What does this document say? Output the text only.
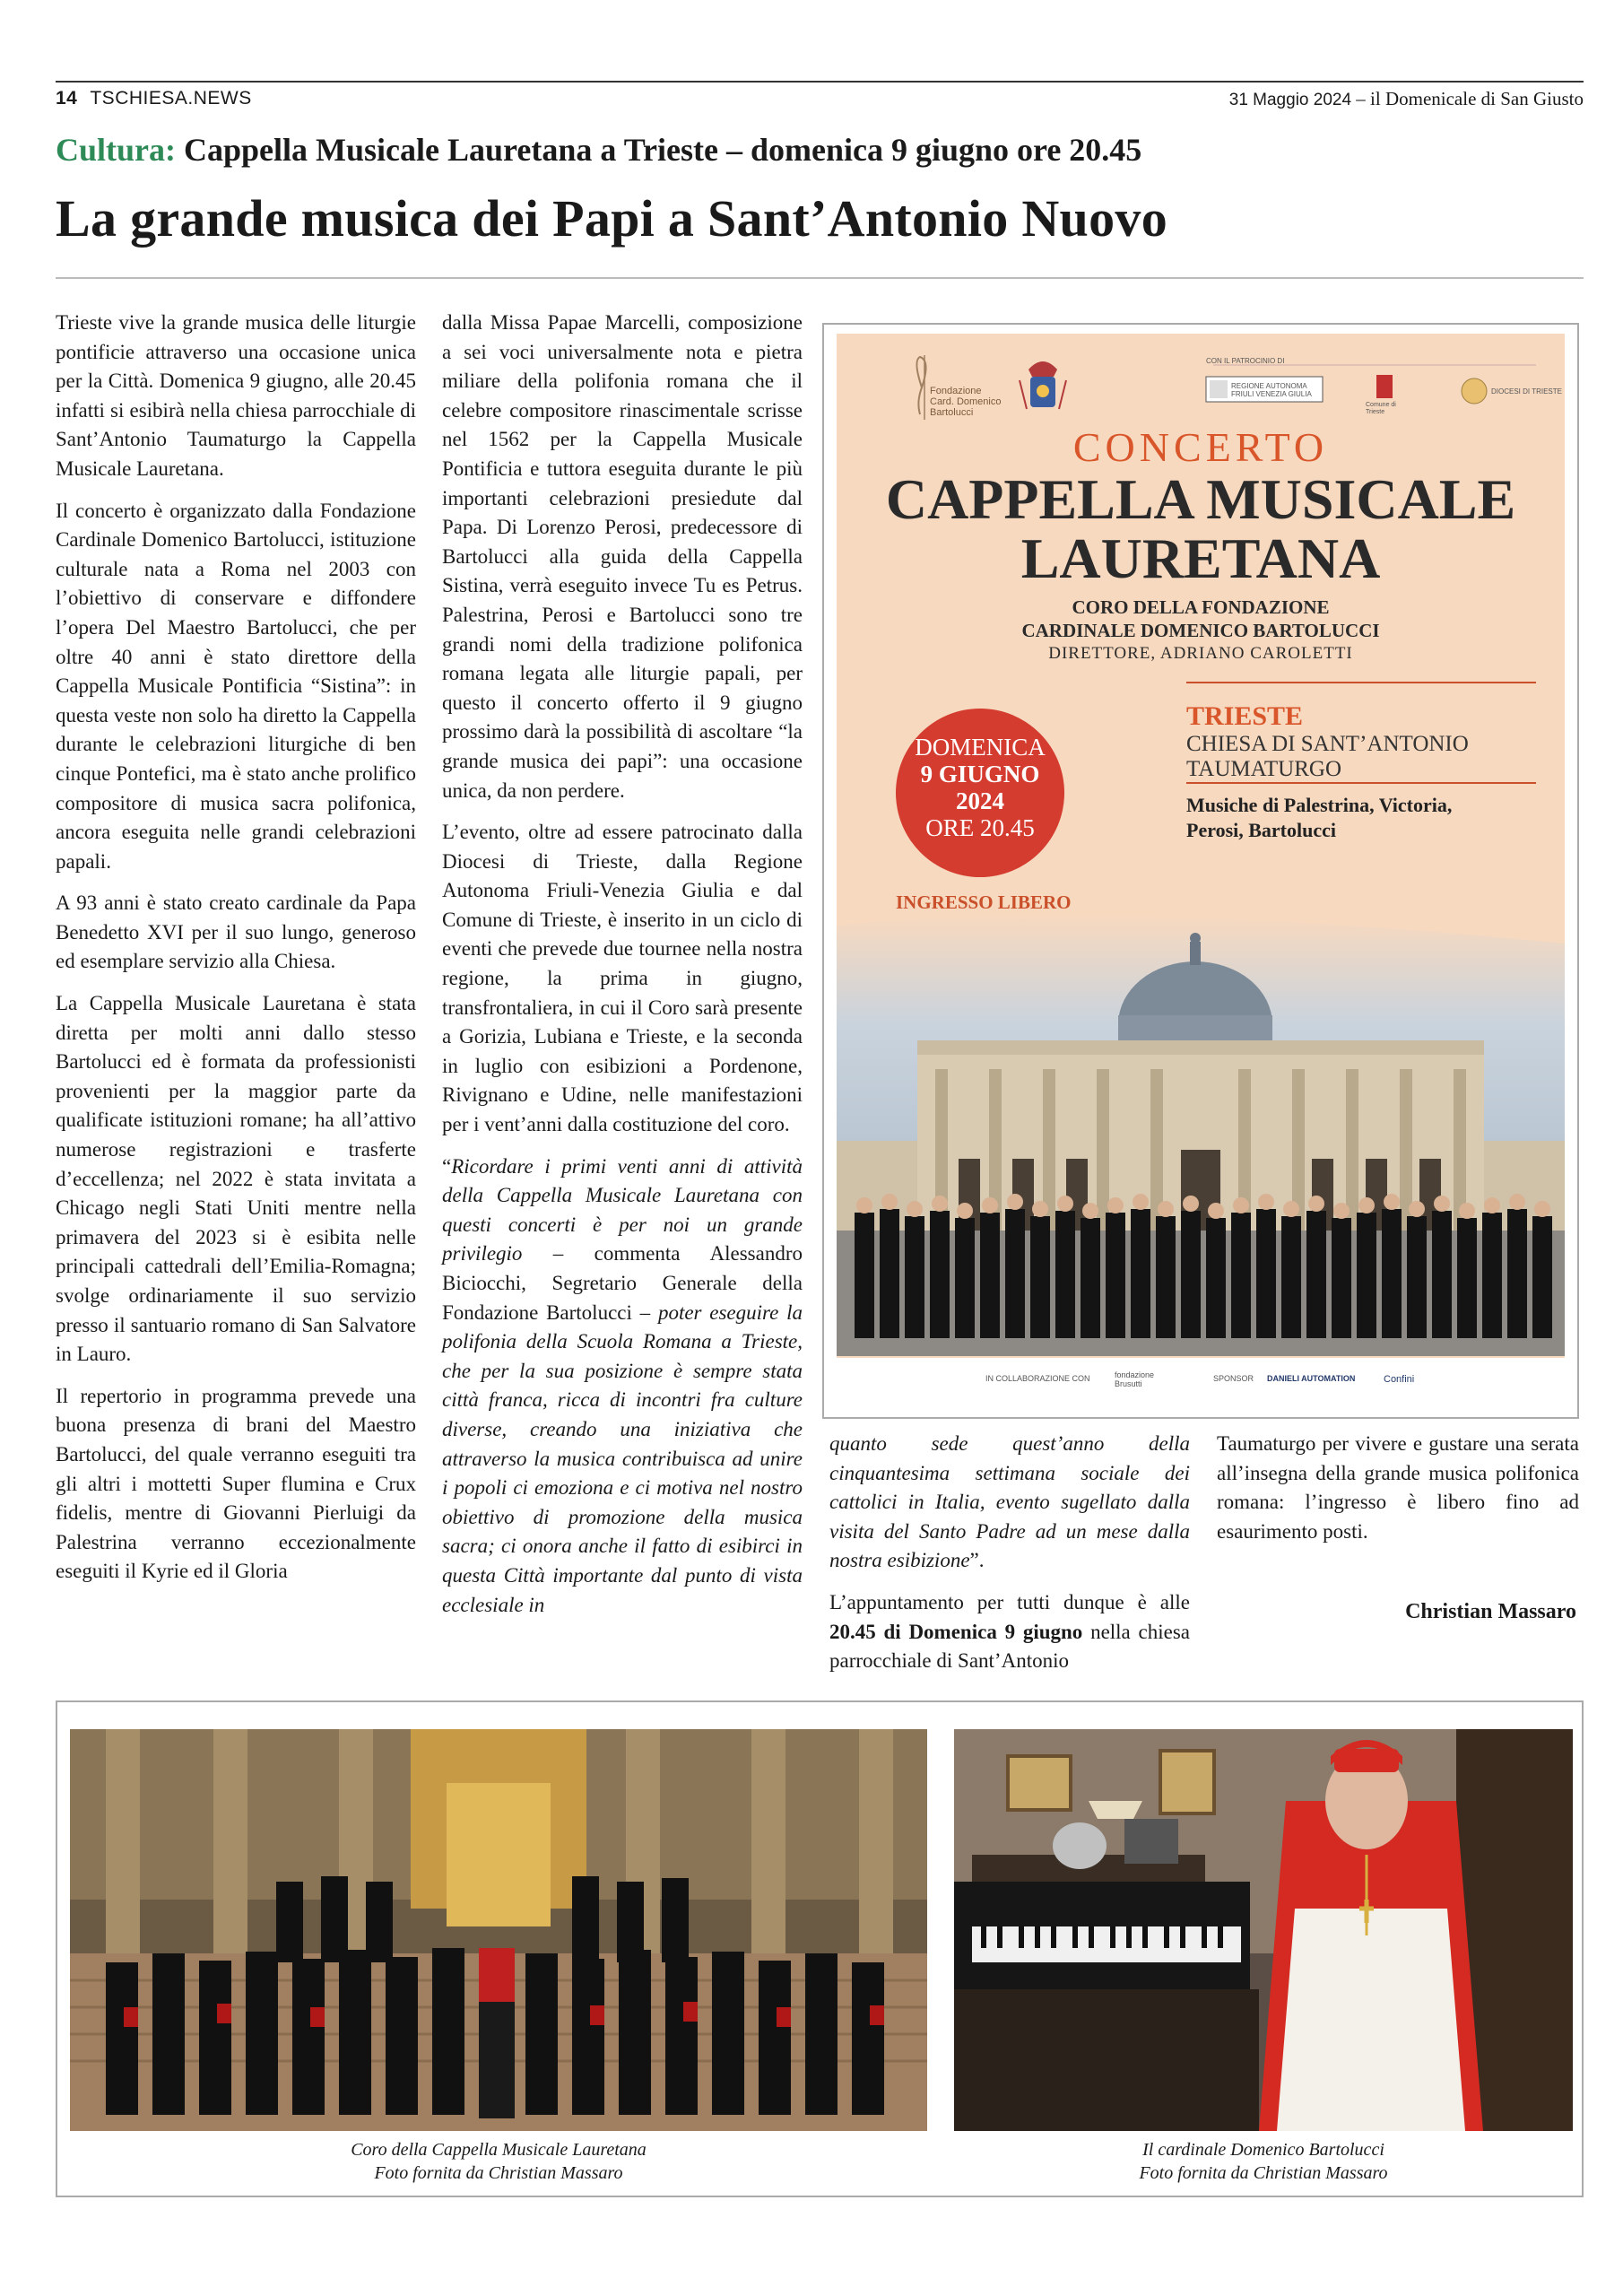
14 TSCHIESA.NEWS	31 Maggio 2024 – il Domenicale di San Giusto
Cultura: Cappella Musicale Lauretana a Trieste – domenica 9 giugno ore 20.45
La grande musica dei Papi a Sant’Antonio Nuovo

Trieste vive la grande musica delle liturgie pontificie attraverso una occasione unica per la Città. Domenica 9 giugno, alle 20.45 infatti si esibirà nella chiesa parrocchiale di Sant’Antonio Taumaturgo la Cappella Musicale Lauretana.

Il concerto è organizzato dalla Fondazione Cardinale Domenico Bartolucci, istituzione culturale nata a Roma nel 2003 con l’obiettivo di conservare e diffondere l’opera Del Maestro Bartolucci, che per oltre 40 anni è stato direttore della Cappella Musicale Pontificia “Sistina”: in questa veste non solo ha diretto la Cappella durante le celebrazioni liturgiche di ben cinque Pontefici, ma è stato anche prolifico compositore di musica sacra polifonica, ancora eseguita nelle grandi celebrazioni papali.

A 93 anni è stato creato cardinale da Papa Benedetto XVI per il suo lungo, generoso ed esemplare servizio alla Chiesa.

La Cappella Musicale Lauretana è stata diretta per molti anni dallo stesso Bartolucci ed è formata da professionisti provenienti per la maggior parte da qualificate istituzioni romane; ha all’attivo numerose registrazioni e trasferte d’eccellenza; nel 2022 è stata invitata a Chicago negli Stati Uniti mentre nella primavera del 2023 si è esibita nelle principali cattedrali dell’Emilia-Romagna; svolge ordinariamente il suo servizio presso il santuario romano di San Salvatore in Lauro.

Il repertorio in programma prevede una buona presenza di brani del Maestro Bartolucci, del quale verranno eseguiti tra gli altri i mottetti Super flumina e Crux fidelis, mentre di Giovanni Pierluigi da Palestrina verranno eccezionalmente eseguiti il Kyrie ed il Gloria

dalla Missa Papae Marcelli, composizione a sei voci universalmente nota e pietra miliare della polifonia romana che il celebre compositore rinascimentale scrisse nel 1562 per la Cappella Musicale Pontificia e tuttora eseguita durante le più importanti celebrazioni presiedute dal Papa. Di Lorenzo Perosi, predecessore di Bartolucci alla guida della Cappella Sistina, verrà eseguito invece Tu es Petrus. Palestrina, Perosi e Bartolucci sono tre grandi nomi della tradizione polifonica romana legata alle liturgie papali, per questo il concerto offerto il 9 giugno prossimo darà la possibilità di ascoltare “la grande musica dei papi”: una occasione unica, da non perdere.

L’evento, oltre ad essere patrocinato dalla Diocesi di Trieste, dalla Regione Autonoma Friuli-Venezia Giulia e dal Comune di Trieste, è inserito in un ciclo di eventi che prevede due tournee nella nostra regione, la prima in giugno, transfrontaliera, in cui il Coro sarà presente a Gorizia, Lubiana e Trieste, e la seconda in luglio con esibizioni a Pordenone, Rivignano e Udine, nelle manifestazioni per i vent’anni dalla costituzione del coro.

“Ricordare i primi venti anni di attività della Cappella Musicale Lauretana con questi concerti è per noi un grande privilegio – commenta Alessandro Biciocchi, Segretario Generale della Fondazione Bartolucci – poter eseguire la polifonia della Scuola Romana a Trieste, che per la sua posizione è sempre stata città franca, ricca di incontri fra culture diverse, creando una iniziativa che attraverso la musica contribuisca ad unire i popoli ci emoziona e ci motiva nel nostro obiettivo di promozione della musica sacra; ci onora anche il fatto di esibirci in questa Città importante dal punto di vista ecclesiale in

Fondazione Card. Domenico Bartolucci
CON IL PATROCINIO DI
REGIONE AUTONOMA FRIULI VENEZIA GIULIA
Comune di Trieste
DIOCESI DI TRIESTE
CONCERTO
CAPPELLA MUSICALE
LAURETANA
CORO DELLA FONDAZIONE
CARDINALE DOMENICO BARTOLUCCI
DIRETTORE, ADRIANO CAROLETTI
DOMENICA
9 GIUGNO
2024
ORE 20.45
INGRESSO LIBERO
TRIESTE
CHIESA DI SANT’ANTONIO
TAUMATURGO
Musiche di Palestrina, Victoria,
Perosi, Bartolucci
IN COLLABORAZIONE CON	fondazione Brusutti
SPONSOR DANIELI AUTOMATION	Confini

quanto sede quest’anno della cinquantesima settimana sociale dei cattolici in Italia, evento sugellato dalla visita del Santo Padre ad un mese dalla nostra esibizione”.

L’appuntamento per tutti dunque è alle 20.45 di Domenica 9 giugno nella chiesa parrocchiale di Sant’Antonio

Taumaturgo per vivere e gustare una serata all’insegna della grande musica polifonica romana: l’ingresso è libero fino ad esaurimento posti.

Christian Massaro
Coro della Cappella Musicale Lauretana
Foto fornita da Christian Massaro
Il cardinale Domenico Bartolucci
Foto fornita da Christian Massaro
